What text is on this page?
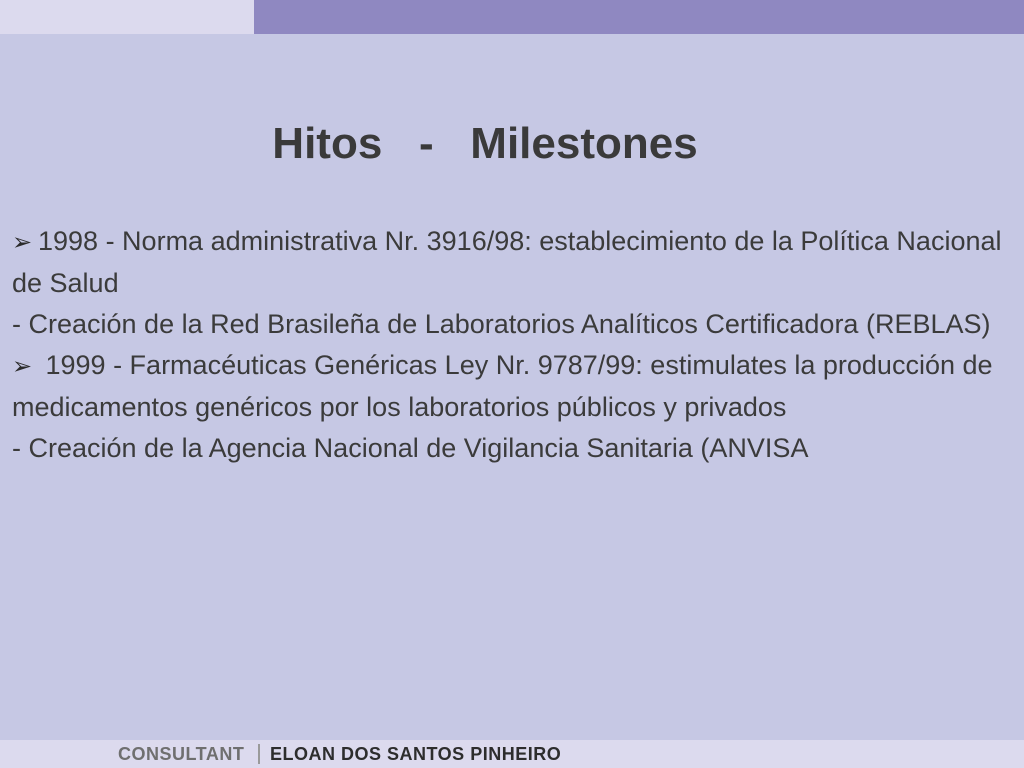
Hitos   -   Milestones

➢ 1998 - Norma administrativa Nr. 3916/98: establecimiento de la Política Nacional de Salud

- Creación de la Red Brasileña de Laboratorios Analíticos Certificadora (REBLAS)

➢ 1999 - Farmacéuticas Genéricas Ley Nr. 9787/99: estimulates la producción de medicamentos genéricos por los laboratorios públicos y privados

- Creación de la Agencia Nacional de Vigilancia Sanitaria (ANVISA

CONSULTANT ELOAN DOS SANTOS PINHEIRO
